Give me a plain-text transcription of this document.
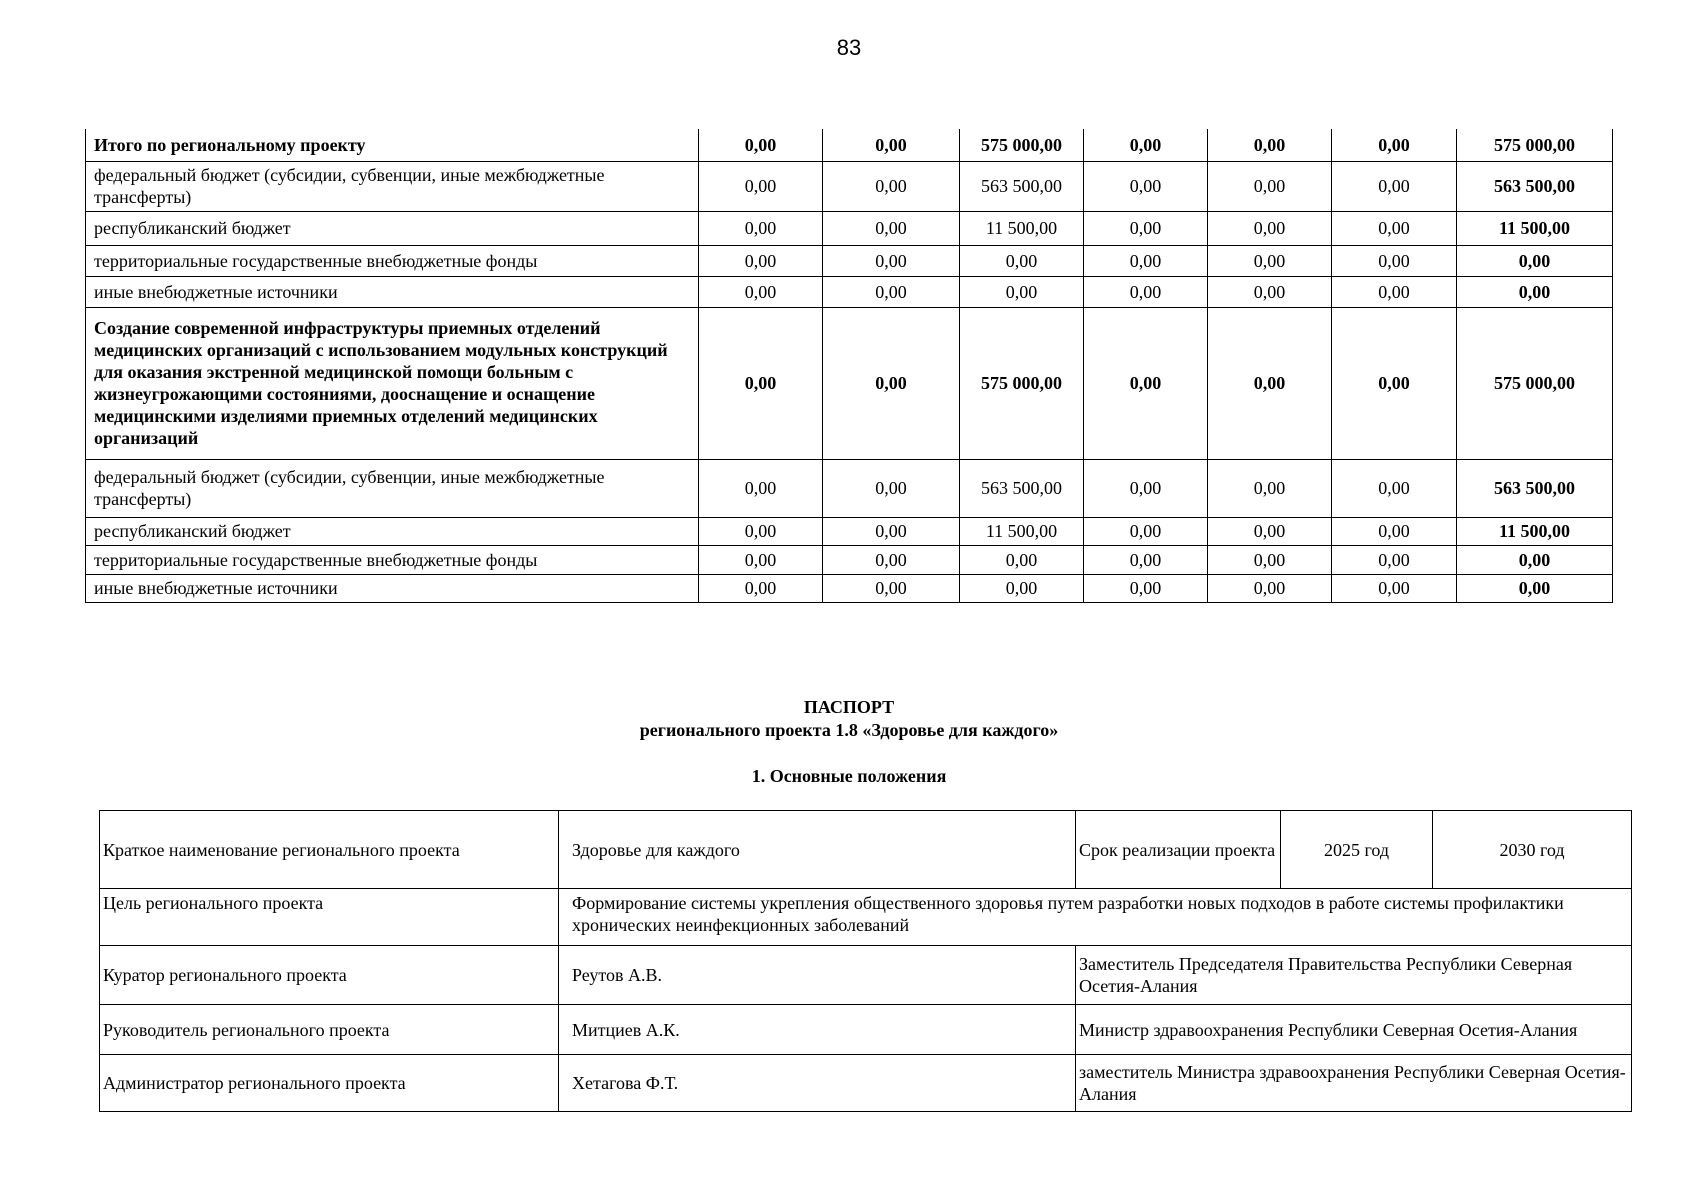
83
Итого по региональному проекту	0,00	0,00	575 000,00	0,00	0,00	0,00	575 000,00
федеральный бюджет (субсидии, субвенции, иные межбюджетные трансферты)	0,00	0,00	563 500,00	0,00	0,00	0,00	563 500,00
республиканский бюджет	0,00	0,00	11 500,00	0,00	0,00	0,00	11 500,00
территориальные государственные внебюджетные фонды	0,00	0,00	0,00	0,00	0,00	0,00	0,00
иные внебюджетные источники	0,00	0,00	0,00	0,00	0,00	0,00	0,00
Создание современной инфраструктуры приемных отделений медицинских организаций с использованием модульных конструкций для оказания экстренной медицинской помощи больным с жизнеугрожающими состояниями, дооснащение и оснащение медицинскими изделиями приемных отделений медицинских организаций	0,00	0,00	575 000,00	0,00	0,00	0,00	575 000,00
федеральный бюджет (субсидии, субвенции, иные межбюджетные трансферты)	0,00	0,00	563 500,00	0,00	0,00	0,00	563 500,00
республиканский бюджет	0,00	0,00	11 500,00	0,00	0,00	0,00	11 500,00
территориальные государственные внебюджетные фонды	0,00	0,00	0,00	0,00	0,00	0,00	0,00
иные внебюджетные источники	0,00	0,00	0,00	0,00	0,00	0,00	0,00
ПАСПОРТ
регионального проекта 1.8 «Здоровье для каждого»
1. Основные положения
Краткое наименование регионального проекта	Здоровье для каждого	Срок реализации проекта	2025 год	2030 год
Цель регионального проекта	Формирование системы укрепления общественного здоровья путем разработки новых подходов в работе системы профилактики хронических неинфекционных заболеваний			
Куратор регионального проекта	Реутов А.В.	Заместитель Председателя Правительства Республики Северная Осетия-Алания		
Руководитель регионального проекта	Митциев А.К.	Министр здравоохранения Республики Северная Осетия-Алания		
Администратор регионального проекта	Хетагова Ф.Т.	заместитель Министра здравоохранения Республики Северная Осетия-Алания		
